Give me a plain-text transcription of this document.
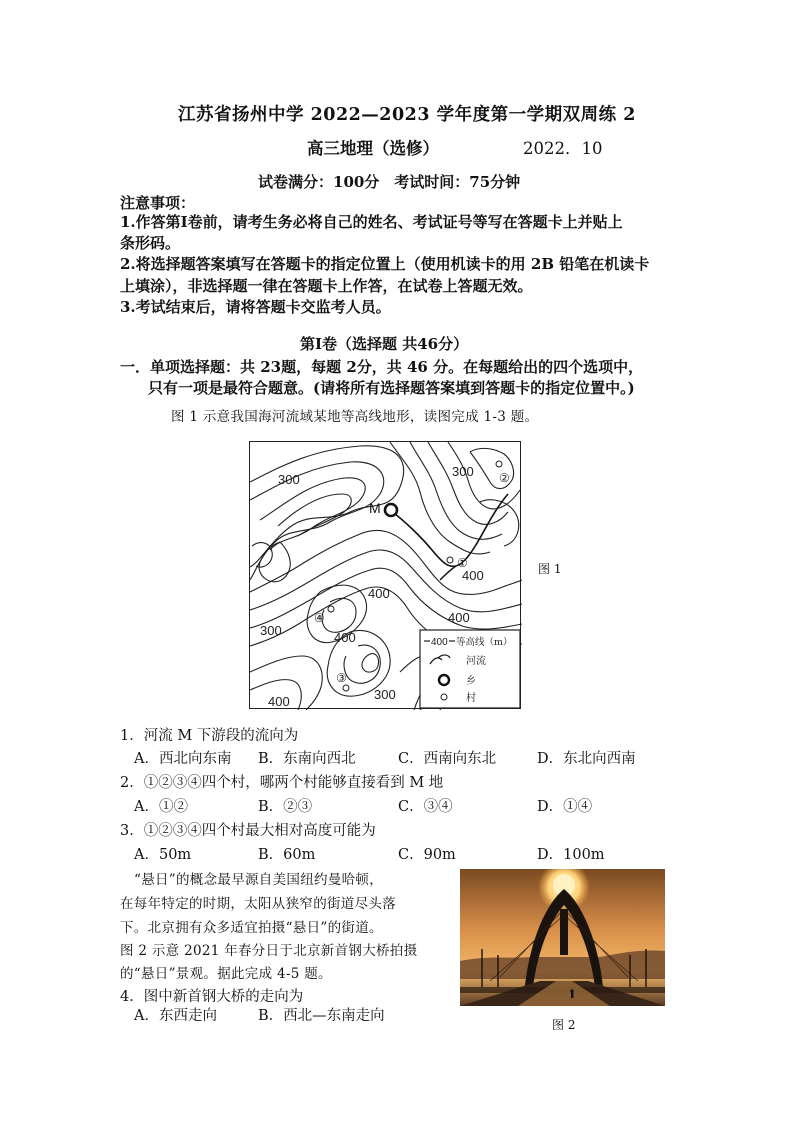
江苏省扬州中学 2022—2023 学年度第一学期双周练 2
高三地理（选修）	2022．10
试卷满分：100分　考试时间：75分钟
注意事项：
1.作答第Ⅰ卷前，请考生务必将自己的姓名、考试证号等写在答题卡上并贴上
条形码。
2.将选择题答案填写在答题卡的指定位置上（使用机读卡的用 2B 铅笔在机读卡
上填涂），非选择题一律在答题卡上作答，在试卷上答题无效。
3.考试结束后，请将答题卡交监考人员。
第Ⅰ卷（选择题 共46分）
一．单项选择题：共 23题，每题 2分，共 46 分。在每题给出的四个选项中，
只有一项是最符合题意。(请将所有选择题答案填到答题卡的指定位置中。)
图 1 示意我国海河流域某地等高线地形，读图完成 1-3 题。
300
300
300
300
400
400
400
400
400
M
②
①
④
③
400 等高线（m）
河流
乡
村
图 1
1．河流 M 下游段的流向为
A．西北向东南 B．东南向西北	C．西南向东北	D．东北向西南
2．①②③④四个村，哪两个村能够直接看到 M 地
A．①②	B．②③	C．③④	D．①④
3．①②③④四个村最大相对高度可能为
A．50m	B．60m	C．90m	D．100m
“悬日”的概念最早源自美国纽约曼哈顿，
在每年特定的时期，太阳从狭窄的街道尽头落
下。北京拥有众多适宜拍摄“悬日”的街道。
图 2 示意 2021 年春分日于北京新首钢大桥拍摄
的“悬日”景观。据此完成 4-5 题。
4．图中新首钢大桥的走向为
A．东西走向	B．西北—东南走向
图 2
